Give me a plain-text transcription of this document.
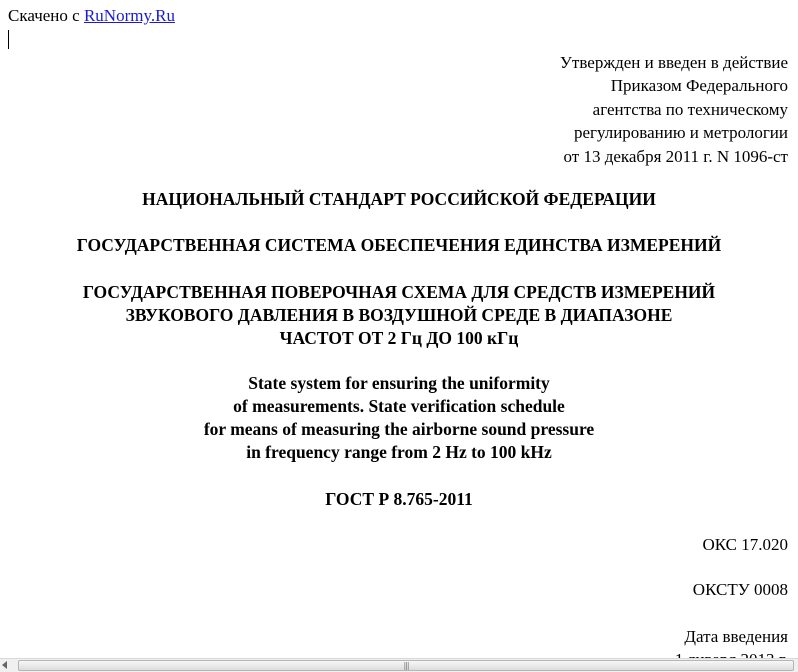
Скачено с RuNormy.Ru
Утвержден и введен в действие
Приказом Федерального
агентства по техническому
регулированию и метрологии
от 13 декабря 2011 г. N 1096-ст
НАЦИОНАЛЬНЫЙ СТАНДАРТ РОССИЙСКОЙ ФЕДЕРАЦИИ
ГОСУДАРСТВЕННАЯ СИСТЕМА ОБЕСПЕЧЕНИЯ ЕДИНСТВА ИЗМЕРЕНИЙ
ГОСУДАРСТВЕННАЯ ПОВЕРОЧНАЯ СХЕМА ДЛЯ СРЕДСТВ ИЗМЕРЕНИЙ
ЗВУКОВОГО ДАВЛЕНИЯ В ВОЗДУШНОЙ СРЕДЕ В ДИАПАЗОНЕ
ЧАСТОТ ОТ 2 Гц ДО 100 кГц
State system for ensuring the uniformity
of measurements. State verification schedule
for means of measuring the airborne sound pressure
in frequency range from 2 Hz to 100 kHz
ГОСТ Р 8.765-2011
ОКС 17.020
ОКСТУ 0008
Дата введения
|||
